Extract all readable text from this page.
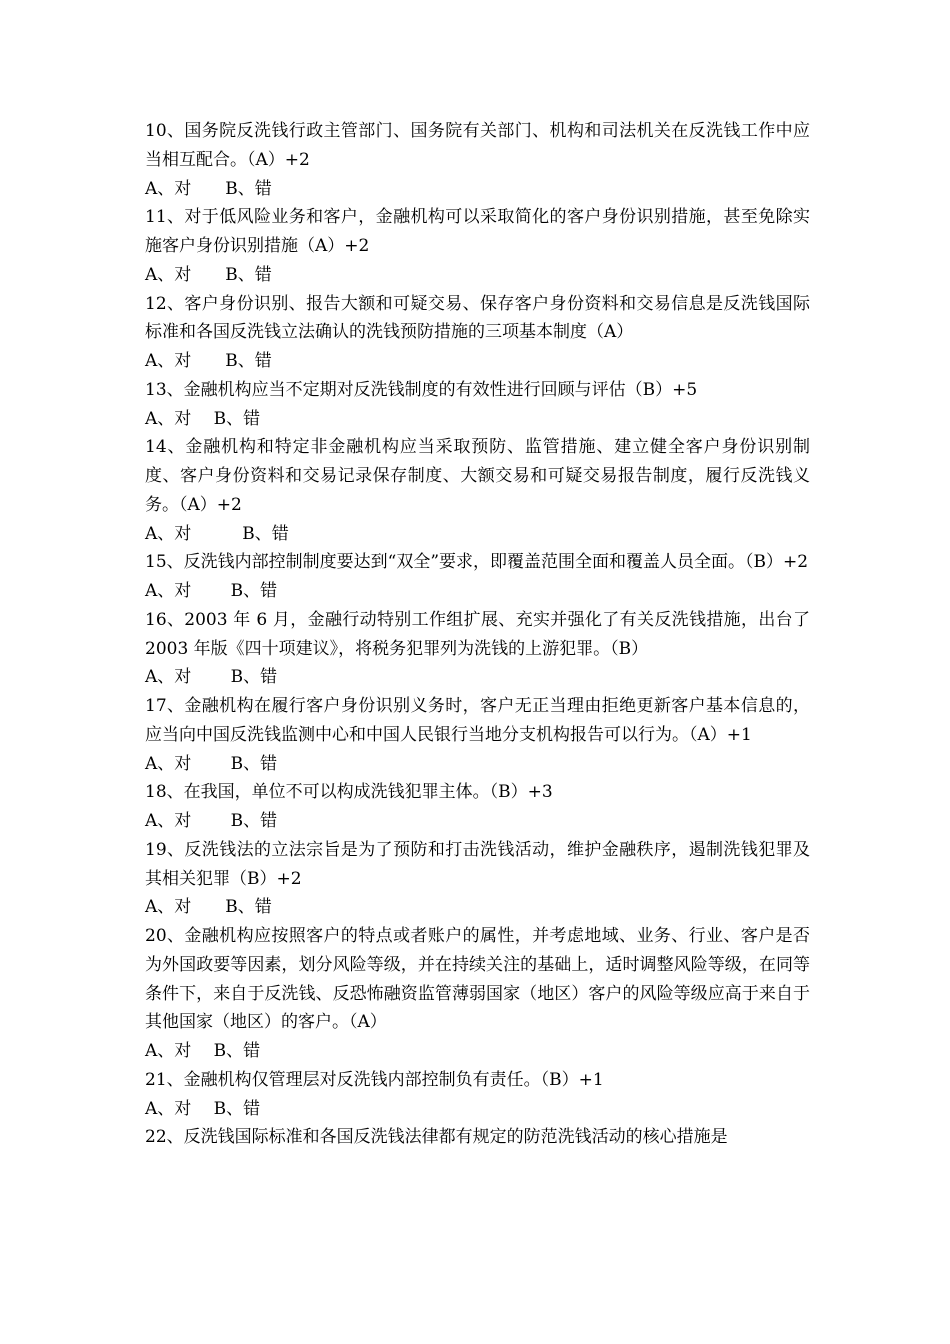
10、国务院反洗钱行政主管部门、国务院有关部门、机构和司法机关在反洗钱工作中应当相互配合。（A）+2

A、对　　B、错

11、对于低风险业务和客户，金融机构可以采取简化的客户身份识别措施，甚至免除实施客户身份识别措施（A）+2

A、对　　B、错

12、客户身份识别、报告大额和可疑交易、保存客户身份资料和交易信息是反洗钱国际标准和各国反洗钱立法确认的洗钱预防措施的三项基本制度（A）

A、对　　B、错

13、金融机构应当不定期对反洗钱制度的有效性进行回顾与评估（B）+5

A、对　 B、错

14、金融机构和特定非金融机构应当采取预防、监管措施、建立健全客户身份识别制度、客户身份资料和交易记录保存制度、大额交易和可疑交易报告制度，履行反洗钱义务。（A）+2

A、对　　　B、错

15、反洗钱内部控制制度要达到“双全”要求，即覆盖范围全面和覆盖人员全面。（B）+2

A、对　　 B、错

16、2003 年 6 月，金融行动特别工作组扩展、充实并强化了有关反洗钱措施，出台了 2003 年版《四十项建议》，将税务犯罪列为洗钱的上游犯罪。（B）

A、对　　 B、错

17、金融机构在履行客户身份识别义务时，客户无正当理由拒绝更新客户基本信息的，应当向中国反洗钱监测中心和中国人民银行当地分支机构报告可以行为。（A）+1

A、对　　 B、错

18、在我国，单位不可以构成洗钱犯罪主体。（B）+3

A、对　　 B、错

19、反洗钱法的立法宗旨是为了预防和打击洗钱活动，维护金融秩序，遏制洗钱犯罪及其相关犯罪（B）+2

A、对　　B、错

20、金融机构应按照客户的特点或者账户的属性，并考虑地域、业务、行业、客户是否为外国政要等因素，划分风险等级，并在持续关注的基础上，适时调整风险等级，在同等条件下，来自于反洗钱、反恐怖融资监管薄弱国家（地区）客户的风险等级应高于来自于其他国家（地区）的客户。（A）

A、对　 B、错

21、金融机构仅管理层对反洗钱内部控制负有责任。（B）+1

A、对　 B、错

22、反洗钱国际标准和各国反洗钱法律都有规定的防范洗钱活动的核心措施是
